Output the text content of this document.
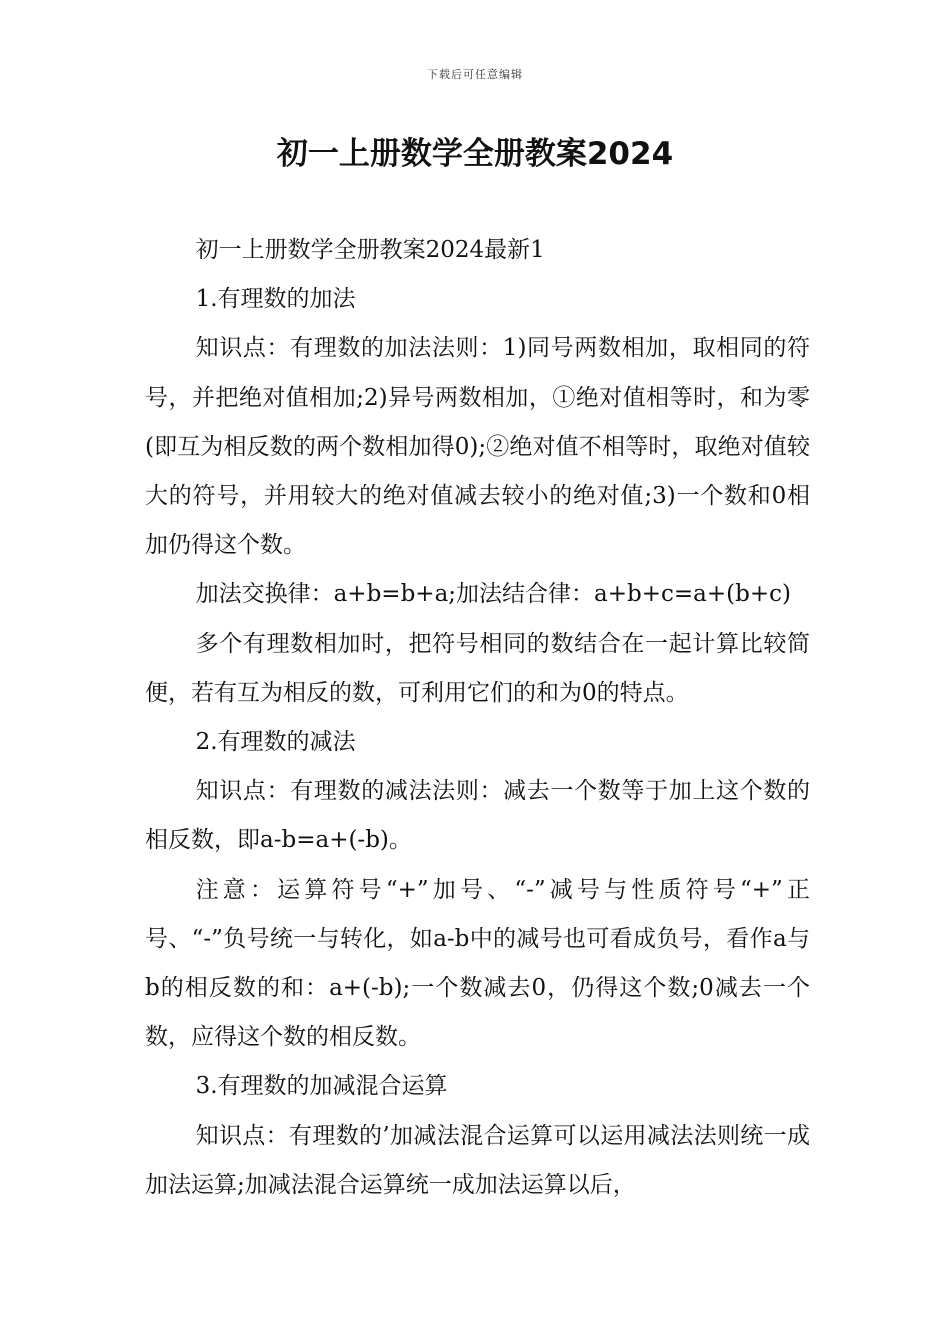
下载后可任意编辑
初一上册数学全册教案2024

初一上册数学全册教案2024最新1

1.有理数的加法

知识点：有理数的加法法则：1)同号两数相加，取相同的符号，并把绝对值相加;2)异号两数相加，①绝对值相等时，和为零(即互为相反数的两个数相加得0);②绝对值不相等时，取绝对值较大的符号，并用较大的绝对值减去较小的绝对值;3)一个数和0相加仍得这个数。

加法交换律：a+b=b+a;加法结合律：a+b+c=a+(b+c)

多个有理数相加时，把符号相同的数结合在一起计算比较简便，若有互为相反的数，可利用它们的和为0的特点。

2.有理数的减法

知识点：有理数的减法法则：减去一个数等于加上这个数的相反数，即a-b=a+(-b)。

注意：运算符号“+”加号、“-”减号与性质符号“+”正号、“-”负号统一与转化，如a-b中的减号也可看成负号，看作a与b的相反数的和：a+(-b);一个数减去0，仍得这个数;0减去一个数，应得这个数的相反数。

3.有理数的加减混合运算

知识点：有理数的’加减法混合运算可以运用减法法则统一成加法运算;加减法混合运算统一成加法运算以后，
